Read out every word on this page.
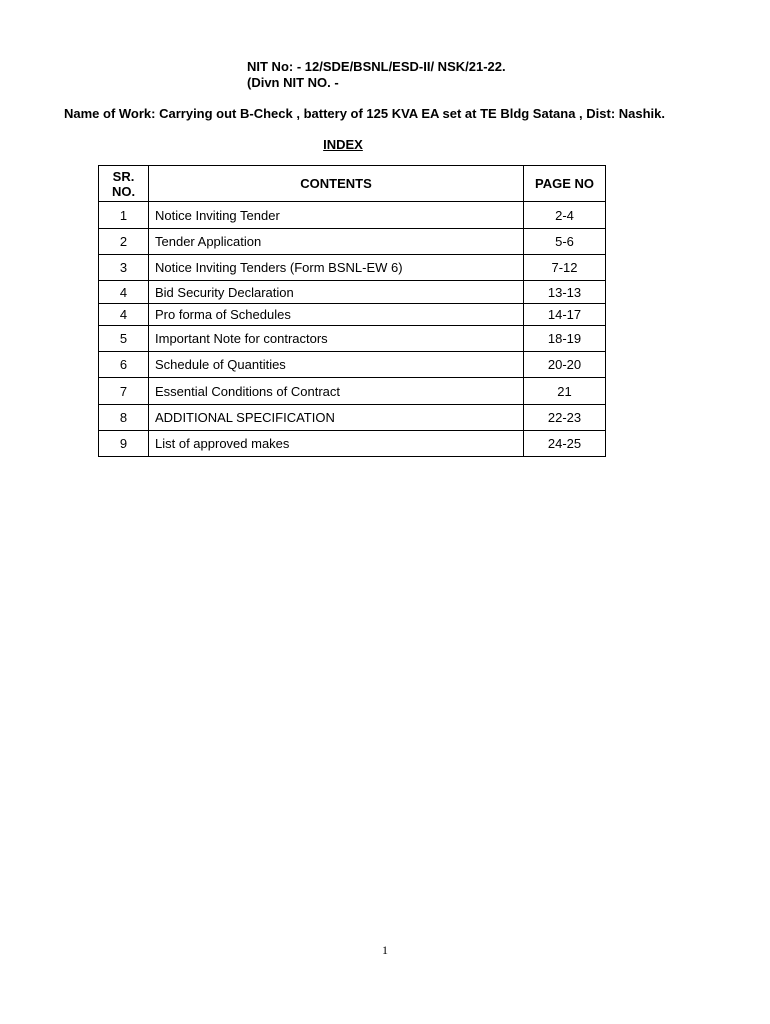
NIT No: - 12/SDE/BSNL/ESD-II/ NSK/21-22.
(Divn NIT NO. -
Name of Work: Carrying out B-Check , battery of 125 KVA EA set at TE Bldg Satana , Dist: Nashik.
INDEX
SR.
NO.	CONTENTS	PAGE NO
1	Notice Inviting Tender	2-4
2	Tender Application	5-6
3	Notice Inviting Tenders (Form BSNL-EW 6)	7-12
4	Bid Security Declaration	13-13
4	Pro forma of Schedules	14-17
5	Important Note for contractors	18-19
6	Schedule of Quantities	20-20
7	Essential Conditions of Contract	21
8	ADDITIONAL SPECIFICATION	22-23
9	List of approved makes	24-25
1
